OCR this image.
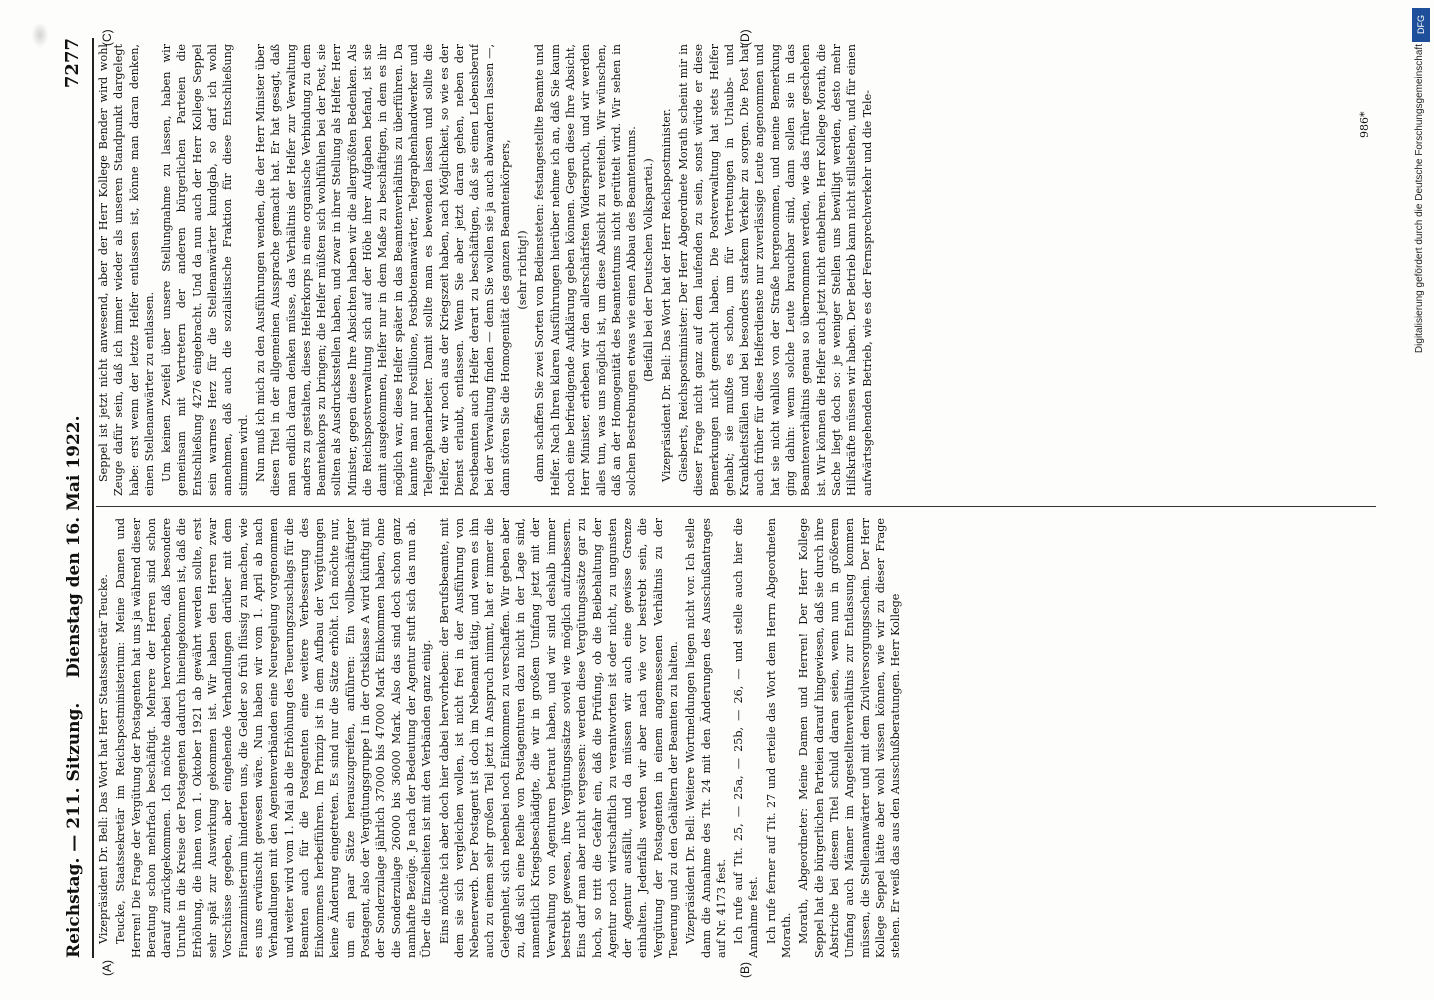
Reichstag. — 211. Sitzung.
Dienstag den 16. Mai 1922.
7277
(A)	(B)
(C)	(D)

Vizepräsident Dr. Bell: Das Wort hat Herr Staatssekretär Teucke. Teucke, Staatssekretär im Reichspostministerium: Meine Damen und Herren! Die Frage der Vergütung der Postagenten hat uns ja während dieser Beratung schon mehrfach beschäftigt. Mehrere der Herren sind schon darauf zurückgekommen. Ich möchte dabei hervorheben, daß besondere Unruhe in die Kreise der Postagenten dadurch hineingekommen ist, daß die Erhöhung, die ihnen vom 1. Oktober 1921 ab gewährt werden sollte, erst sehr spät zur Auswirkung gekommen ist. Wir haben den Herren zwar Vorschüsse gegeben, aber eingehende Verhandlungen darüber mit dem Finanzministerium hinderten uns, die Gelder so früh flüssig zu machen, wie es uns erwünscht gewesen wäre. Nun haben wir vom 1. April ab nach Verhandlungen mit den Agentenverbänden eine Neuregelung vorgenommen und weiter wird vom 1. Mai ab die Erhöhung des Teuerungszuschlags für die Beamten auch für die Postagenten eine weitere Verbesserung des Einkommens herbeiführen. Im Prinzip ist in dem Aufbau der Vergütungen keine Änderung eingetreten. Es sind nur die Sätze erhöht. Ich möchte nur, um ein paar Sätze herauszugreifen, anführen: Ein vollbeschäftigter Postagent, also der Vergütungsgruppe I in der Ortsklasse A wird künftig mit der Sonderzulage jährlich 37000 bis 47000 Mark Einkommen haben, ohne die Sonderzulage 26000 bis 36000 Mark. Also das sind doch schon ganz namhafte Bezüge. Je nach der Bedeutung der Agentur stuft sich das nun ab. Über die Einzelheiten ist mit den Verbänden ganz einig. Eins möchte ich aber doch hier dabei hervorheben: der Berufsbeamte, mit dem sie sich vergleichen wollen, ist nicht frei in der Ausführung von Nebenerwerb. Der Postagent ist doch im Nebenamt tätig, und wenn es ihn auch zu einem sehr großen Teil jetzt in Anspruch nimmt, hat er immer die Gelegenheit, sich nebenbei noch Einkommen zu verschaffen. Wir geben aber zu, daß sich eine Reihe von Postagenturen dazu nicht in der Lage sind, namentlich Kriegsbeschädigte, die wir in großem Umfang jetzt mit der Verwaltung von Agenturen betraut haben, und wir sind deshalb immer bestrebt gewesen, ihre Vergütungssätze soviel wie möglich aufzubessern. Eins darf man aber nicht vergessen: werden diese Vergütungssätze gar zu hoch, so tritt die Gefahr ein, daß die Prüfung, ob die Beibehaltung der Agentur noch wirtschaftlich zu verantworten ist oder nicht, zu ungunsten der Agentur ausfällt, und da müssen wir auch eine gewisse Grenze einhalten. Jedenfalls werden wir aber nach wie vor bestrebt sein, die Vergütung der Postagenten in einem angemessenen Verhältnis zu der Teuerung und zu den Gehältern der Beamten zu halten. Vizepräsident Dr. Bell: Weitere Wortmeldungen liegen nicht vor. Ich stelle dann die Annahme des Tit. 24 mit den Änderungen des Ausschußantrages auf Nr. 4173 fest. Ich rufe auf Tit. 25, — 25a, — 25b, — 26, — und stelle auch hier die Annahme fest. Ich rufe ferner auf Tit. 27 und erteile das Wort dem Herrn Abgeordneten Morath. Morath, Abgeordneter: Meine Damen und Herren! Der Herr Kollege Seppel hat die bürgerlichen Parteien darauf hingewiesen, daß sie durch ihre Abstriche bei diesem Titel schuld daran seien, wenn nun in größerem Umfang auch Männer im Angestelltenverhältnis zur Entlassung kommen müssen, die Stellenanwärter und mit dem Zivilversorgungsschein. Der Herr Kollege Seppel hätte aber wohl wissen können, wie wir zu dieser Frage stehen. Er weiß das aus den Ausschußberatungen. Herr Kollege

Seppel ist jetzt nicht anwesend, aber der Herr Kollege Bender wird wohl Zeuge dafür sein, daß ich immer wieder als unseren Standpunkt dargelegt habe: erst wenn der letzte Helfer entlassen ist, könne man daran denken, einen Stellenanwärter zu entlassen. Um keinen Zweifel über unsere Stellungnahme zu lassen, haben wir gemeinsam mit Vertretern der anderen bürgerlichen Parteien die Entschließung 4276 eingebracht. Und da nun auch der Herr Kollege Seppel sein warmes Herz für die Stellenanwärter kundgab, so darf ich wohl annehmen, daß auch die sozialistische Fraktion für diese Entschließung stimmen wird. Nun muß ich mich zu den Ausführungen wenden, die der Herr Minister über diesen Titel in der allgemeinen Aussprache gemacht hat. Er hat gesagt, daß man endlich daran denken müsse, das Verhältnis der Helfer zur Verwaltung anders zu gestalten, dieses Helferkorps in eine organische Verbindung zu dem Beamtenkorps zu bringen; die Helfer müßten sich wohlfühlen bei der Post, sie sollten als Ausdrucksstellen haben, und zwar in ihrer Stellung als Helfer. Herr Minister, gegen diese Ihre Absichten haben wir die allergrößten Bedenken. Als die Reichspostverwaltung sich auf der Höhe ihrer Aufgaben befand, ist sie damit ausgekommen, Helfer nur in dem Maße zu beschäftigen, in dem es ihr möglich war, diese Helfer später in das Beamtenverhältnis zu überführen. Da kannte man nur Postillione, Postbotenanwärter, Telegraphenhandwerker und Telegraphenarbeiter. Damit sollte man es bewenden lassen und sollte die Helfer, die wir noch aus der Kriegszeit haben, nach Möglichkeit, so wie es der Dienst erlaubt, entlassen. Wenn Sie aber jetzt daran gehen, neben der Postbeamten auch Helfer derart zu beschäftigen, daß sie einen Lebensberuf bei der Verwaltung finden — denn Sie wollen sie ja auch abwandern lassen —, dann stören Sie die Homogenität des ganzen Beamtenkörpers, (sehr richtig!) dann schaffen Sie zwei Sorten von Bediensteten: festangestellte Beamte und Helfer. Nach Ihren klaren Ausführungen hierüber nehme ich an, daß Sie kaum noch eine befriedigende Aufklärung geben können. Gegen diese Ihre Absicht, Herr Minister, erheben wir den allerschärfsten Widerspruch, und wir werden alles tun, was uns möglich ist, um diese Absicht zu vereiteln. Wir wünschen, daß an der Homogenität des Beamtentums nicht gerüttelt wird. Wir sehen in solchen Bestrebungen etwas wie einen Abbau des Beamtentums. (Beifall bei der Deutschen Volkspartei.) Vizepräsident Dr. Bell: Das Wort hat der Herr Reichspostminister. Giesberts, Reichspostminister: Der Herr Abgeordnete Morath scheint mir in dieser Frage nicht ganz auf dem laufenden zu sein, sonst würde er diese Bemerkungen nicht gemacht haben. Die Postverwaltung hat stets Helfer gehabt; sie mußte es schon, um für Vertretungen in Urlaubs- und Krankheitsfällen und bei besonders starkem Verkehr zu sorgen. Die Post hat auch früher für diese Helferdienste nur zuverlässige Leute angenommen und hat sie nicht wahllos von der Straße hergenommen, und meine Bemerkung ging dahin: wenn solche Leute brauchbar sind, dann sollen sie in das Beamtenverhältnis genau so übernommen werden, wie das früher geschehen ist. Wir können die Helfer auch jetzt nicht entbehren. Herr Kollege Morath, die Sache liegt doch so: je weniger Stellen uns bewilligt werden, desto mehr Hilfskräfte müssen wir haben. Der Betrieb kann nicht stillstehen, und für einen aufwärtsgehenden Betrieb, wie es der Fernsprechverkehr und die Tele-	986*
DFG
Digitalisierung gefördert durch die Deutsche Forschungsgemeinschaft
